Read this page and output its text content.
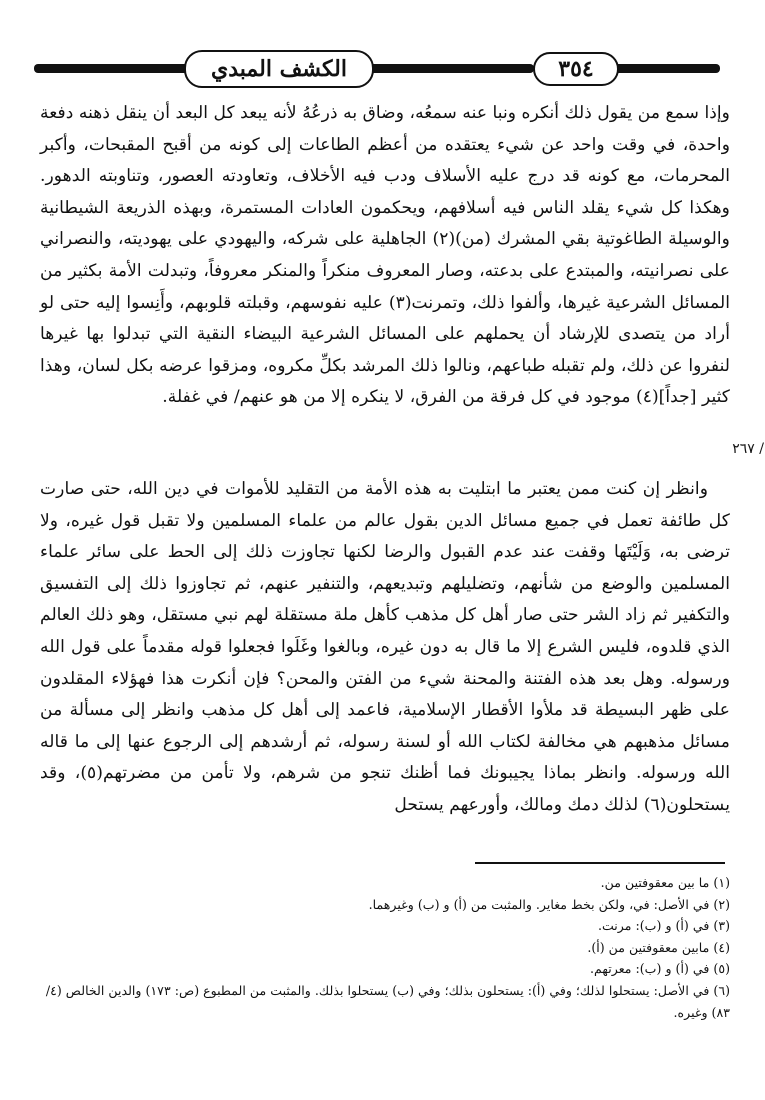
الكشف المبدي	٣٥٤

وإذا سمع من يقول ذلك أنكره ونبا عنه سمعُه، وضاق به ذرعُهُ لأنه يبعد كل البعد أن ينقل ذهنه دفعة واحدة، في وقت واحد عن شيء يعتقده من أعظم الطاعات إلى كونه من أقبح المقبحات، وأكبر المحرمات، مع كونه قد درج عليه الأسلاف ودب فيه الأخلاف، وتعاودته العصور، وتناوبته الدهور. وهكذا كل شيء يقلد الناس فيه أسلافهم، ويحكمون العادات المستمرة، وبهذه الذريعة الشيطانية والوسيلة الطاغوتية بقي المشرك (من)(٢) الجاهلية على شركه، واليهودي على يهوديته، والنصراني على نصرانيته، والمبتدع على بدعته، وصار المعروف منكراً والمنكر معروفاً، وتبدلت الأمة بكثير من المسائل الشرعية غيرها، وألفوا ذلك، وتمرنت(٣) عليه نفوسهم، وقبلته قلوبهم، وأَنِسوا إليه حتى لو أراد من يتصدى للإرشاد أن يحملهم على المسائل الشرعية البيضاء النقية التي تبدلوا بها غيرها لنفروا عن ذلك، ولم تقبله طباعهم، ونالوا ذلك المرشد بكلِّ مكروه، ومزقوا عرضه بكل لسان، وهذا كثير [جداً](٤) موجود في كل فرقة من الفرق، لا ينكره إلا من هو عنهم/ في غفلة.

/ ٢٦٧

وانظر إن كنت ممن يعتبر ما ابتليت به هذه الأمة من التقليد للأموات في دين الله، حتى صارت كل طائفة تعمل في جميع مسائل الدين بقول عالم من علماء المسلمين ولا تقبل قول غيره، ولا ترضى به، وَلَيْتَها وقفت عند عدم القبول والرضا لكنها تجاوزت ذلك إلى الحط على سائر علماء المسلمين والوضع من شأنهم، وتضليلهم وتبديعهم، والتنفير عنهم، ثم تجاوزوا ذلك إلى التفسيق والتكفير ثم زاد الشر حتى صار أهل كل مذهب كأهل ملة مستقلة لهم نبي مستقل، وهو ذلك العالم الذي قلدوه، فليس الشرع إلا ما قال به دون غيره، وبالغوا وغَلَوا فجعلوا قوله مقدماً على قول الله ورسوله. وهل بعد هذه الفتنة والمحنة شيء من الفتن والمحن؟ فإن أنكرت هذا فهؤلاء المقلدون على ظهر البسيطة قد ملأوا الأقطار الإسلامية، فاعمد إلى أهل كل مذهب وانظر إلى مسألة من مسائل مذهبهم هي مخالفة لكتاب الله أو لسنة رسوله، ثم أرشدهم إلى الرجوع عنها إلى ما قاله الله ورسوله. وانظر بماذا يجيبونك فما أظنك تنجو من شرهم، ولا تأمن من مضرتهم(٥)، وقد يستحلون(٦) لذلك دمك ومالك، وأورعهم يستحل

(١) ما بين معقوفتين من.

(٢) في الأصل: في، ولكن بخط مغاير. والمثبت من (أ) و (ب) وغيرهما.

(٣) في (أ) و (ب): مرنت.

(٤) مابين معقوفتين من (أ).

(٥) في (أ) و (ب): معرتهم.

(٦) في الأصل: يستحلوا لذلك؛ وفي (أ): يستحلون بذلك؛ وفي (ب) يستحلوا بذلك. والمثبت من المطبوع (ص: ١٧٣) والدين الخالص (٤/ ٨٣) وغيره.
